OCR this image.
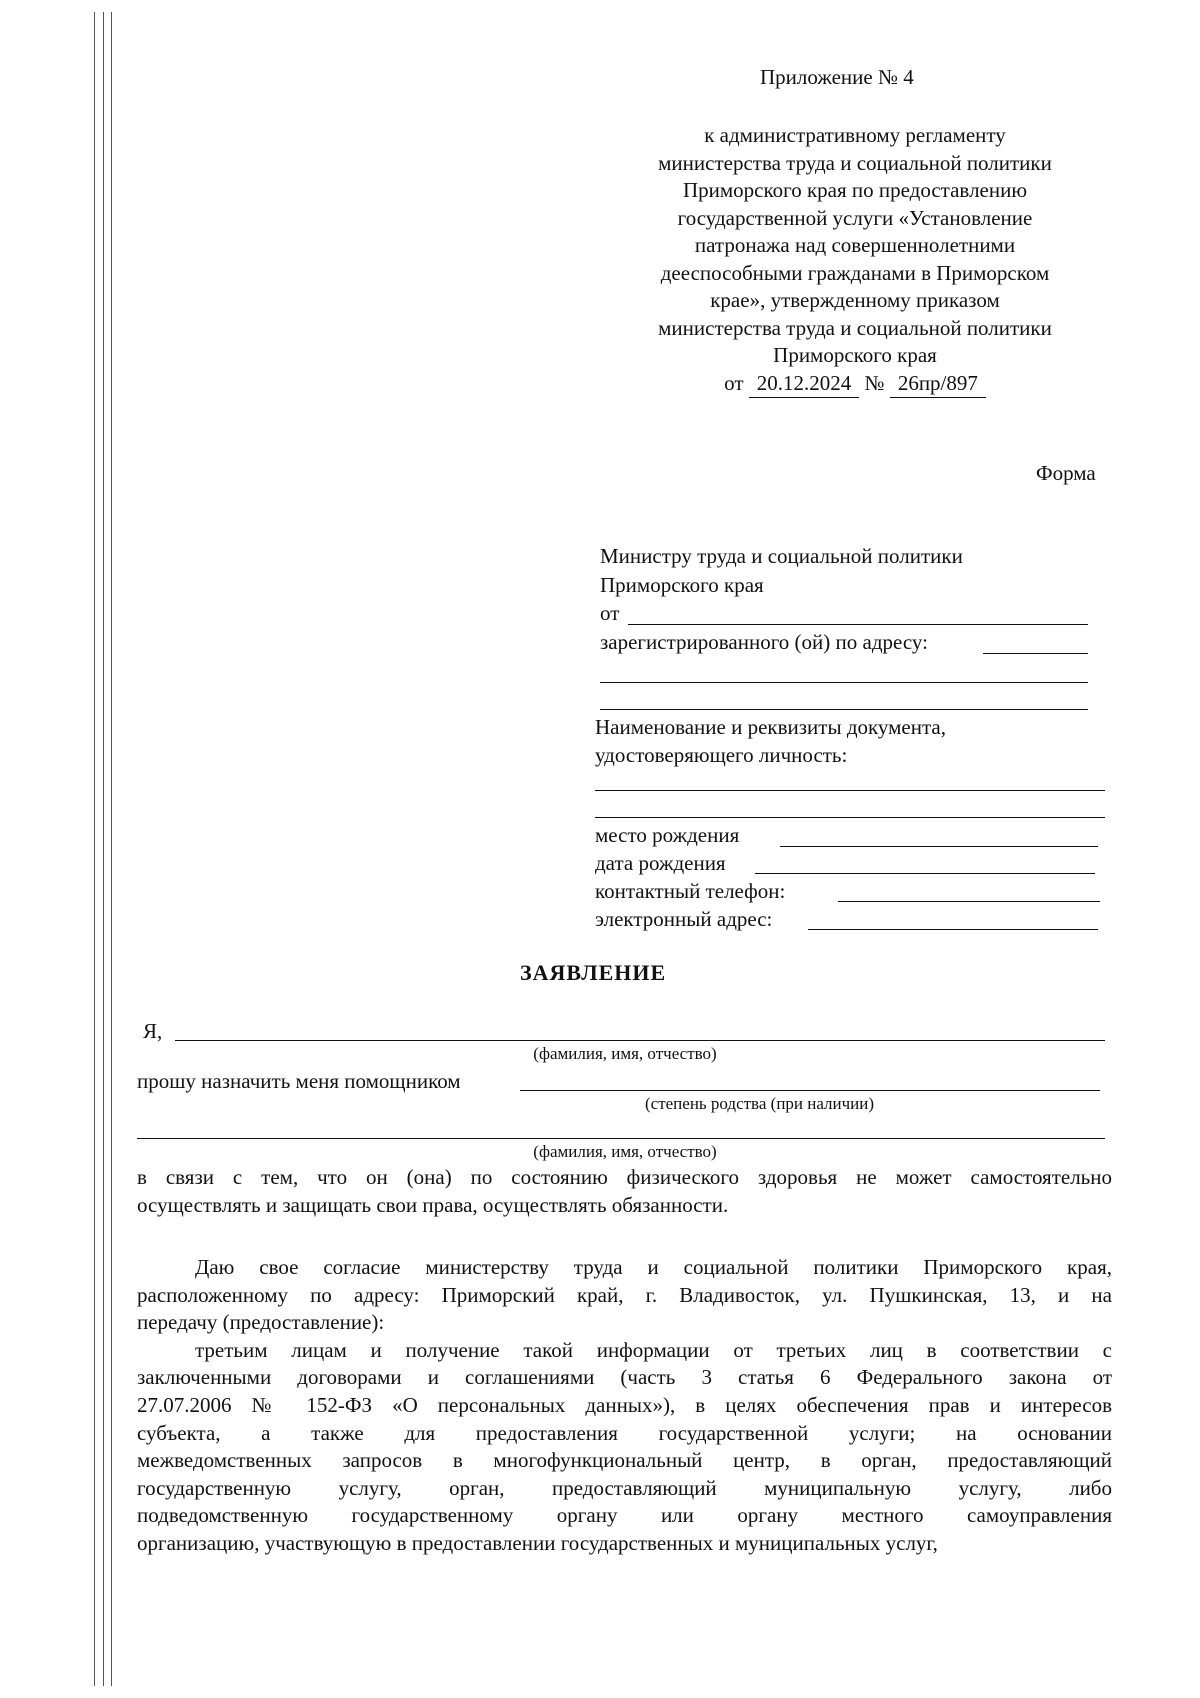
Приложение № 4
к административному регламенту
министерства труда и социальной политики
Приморского края по предоставлению
государственной услуги «Установление
патронажа над совершеннолетними
дееспособными гражданами в Приморском
крае», утвержденному приказом
министерства труда и социальной политики
Приморского края
от 20.12.2024 № 26пр/897
Форма
Министру труда и социальной политики
Приморского края
от
зарегистрированного (ой) по адресу:
Наименование и реквизиты документа,
удостоверяющего личность:
место рождения
дата рождения
контактный телефон:
электронный адрес:
ЗАЯВЛЕНИЕ
Я,
(фамилия, имя, отчество)
прошу назначить меня помощником
(степень родства (при наличии)
(фамилия, имя, отчество)
в связи с тем, что он (она) по состоянию физического здоровья не может самостоятельно
осуществлять и защищать свои права, осуществлять обязанности.
Даю свое согласие министерству труда и социальной политики Приморского края,
расположенному по адресу: Приморский край, г. Владивосток, ул. Пушкинская, 13, и на
передачу (предоставление):
третьим лицам и получение такой информации от третьих лиц в соответствии с
заключенными договорами и соглашениями (часть 3 статья 6 Федерального закона от
27.07.2006 № 152-ФЗ «О персональных данных»), в целях обеспечения прав и интересов
субъекта, а также для предоставления государственной услуги; на основании
межведомственных запросов в многофункциональный центр, в орган, предоставляющий
государственную услугу, орган, предоставляющий муниципальную услугу, либо
подведомственную государственному органу или органу местного самоуправления
организацию, участвующую в предоставлении государственных и муниципальных услуг,
